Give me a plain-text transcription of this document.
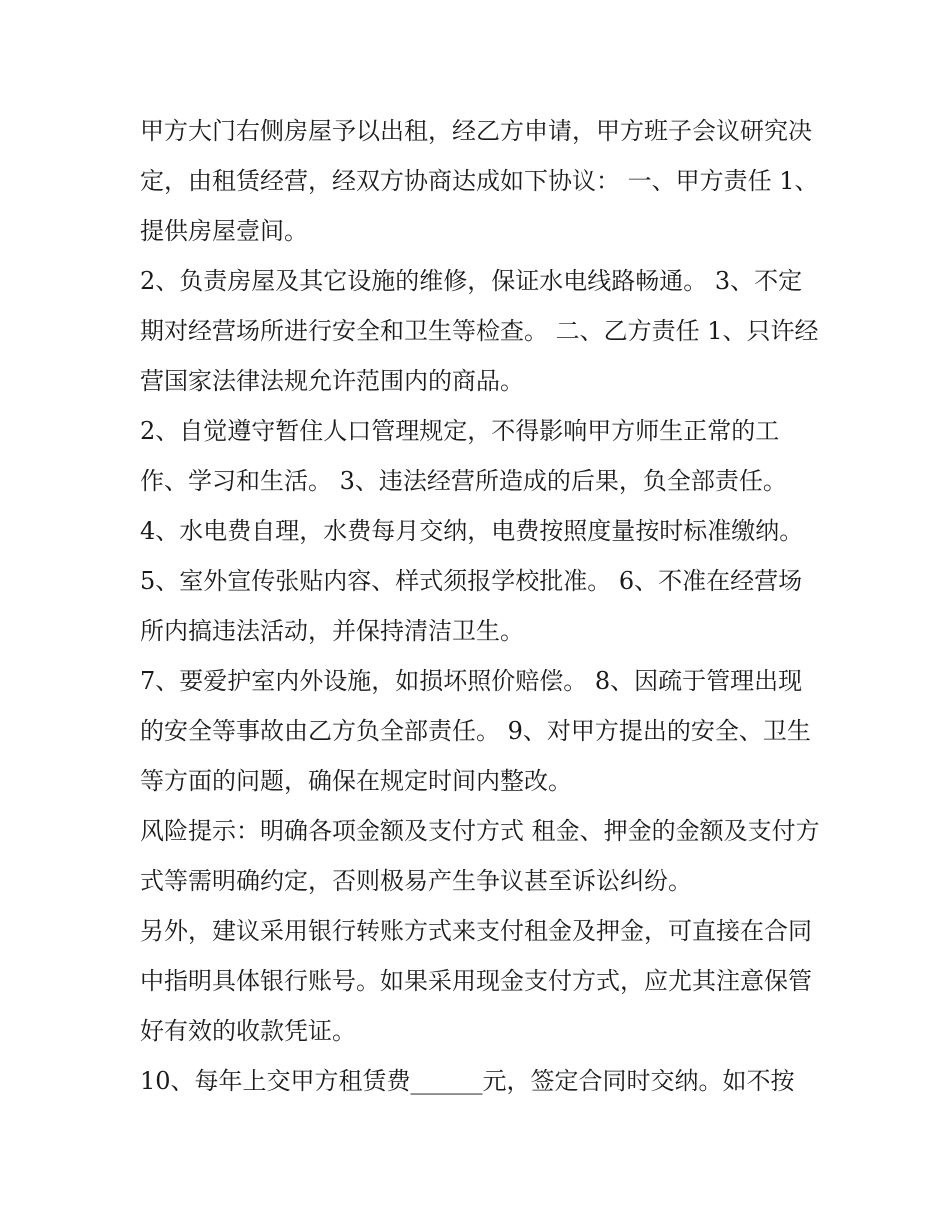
甲方大门右侧房屋予以出租，经乙方申请，甲方班子会议研究决定，由租赁经营，经双方协商达成如下协议： 一、甲方责任 1、提供房屋壹间。

2、负责房屋及其它设施的维修，保证水电线路畅通。 3、不定期对经营场所进行安全和卫生等检查。 二、乙方责任 1、只许经营国家法律法规允许范围内的商品。

2、自觉遵守暂住人口管理规定，不得影响甲方师生正常的工作、学习和生活。 3、违法经营所造成的后果，负全部责任。

4、水电费自理，水费每月交纳，电费按照度量按时标准缴纳。 5、室外宣传张贴内容、样式须报学校批准。 6、不准在经营场所内搞违法活动，并保持清洁卫生。

7、要爱护室内外设施，如损坏照价赔偿。 8、因疏于管理出现的安全等事故由乙方负全部责任。 9、对甲方提出的安全、卫生等方面的问题，确保在规定时间内整改。

风险提示：明确各项金额及支付方式 租金、押金的金额及支付方式等需明确约定，否则极易产生争议甚至诉讼纠纷。

另外，建议采用银行转账方式来支付租金及押金，可直接在合同中指明具体银行账号。如果采用现金支付方式，应尤其注意保管好有效的收款凭证。

10、每年上交甲方租赁费______元，签定合同时交纳。如不按
